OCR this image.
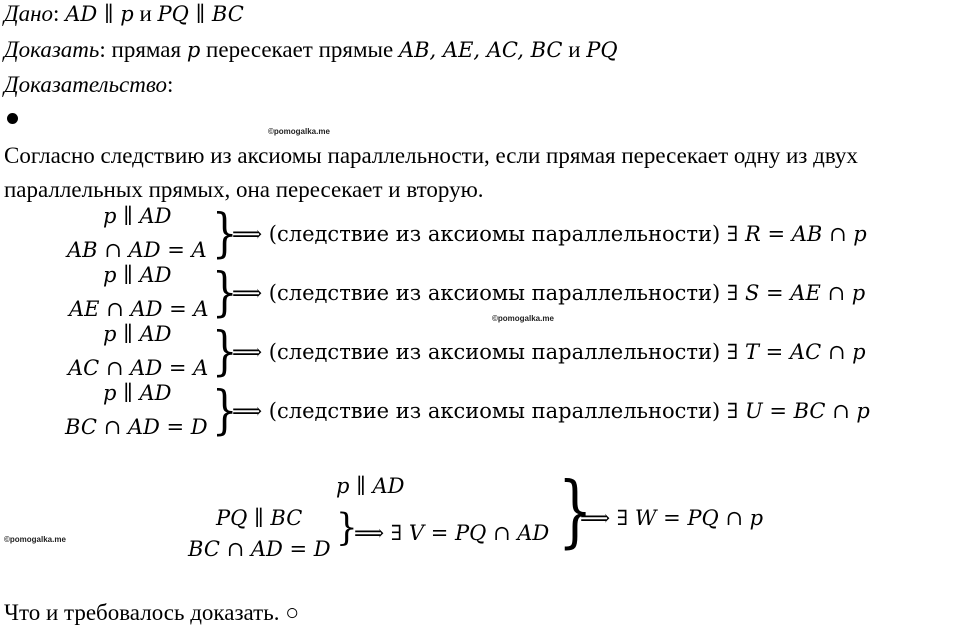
Дано: AD ∥ p и PQ ∥ BC
Доказать: прямая p пересекает прямые AB, AE, AC, BC и PQ
Доказательство:
©pomogalka.me
Согласно следствию из аксиомы параллельности, если прямая пересекает одну из двух
параллельных прямых, она пересекает и вторую.
p ∥ AD
AB ∩ AD = A }
⟹ (следствие из аксиомы параллельности) ∃ R = AB ∩ p
p ∥ AD
AE ∩ AD = A }
⟹ (следствие из аксиомы параллельности) ∃ S = AE ∩ p
©pomogalka.me
p ∥ AD
AC ∩ AD = A }
⟹ (следствие из аксиомы параллельности) ∃ T = AC ∩ p
p ∥ AD
BC ∩ AD = D }
⟹ (следствие из аксиомы параллельности) ∃ U = BC ∩ p
p ∥ AD
PQ ∥ BC
BC ∩ AD = D }
⟹ ∃ V = PQ ∩ AD }
⟹ ∃ W = PQ ∩ p
©pomogalka.me
Что и требовалось доказать. ○
